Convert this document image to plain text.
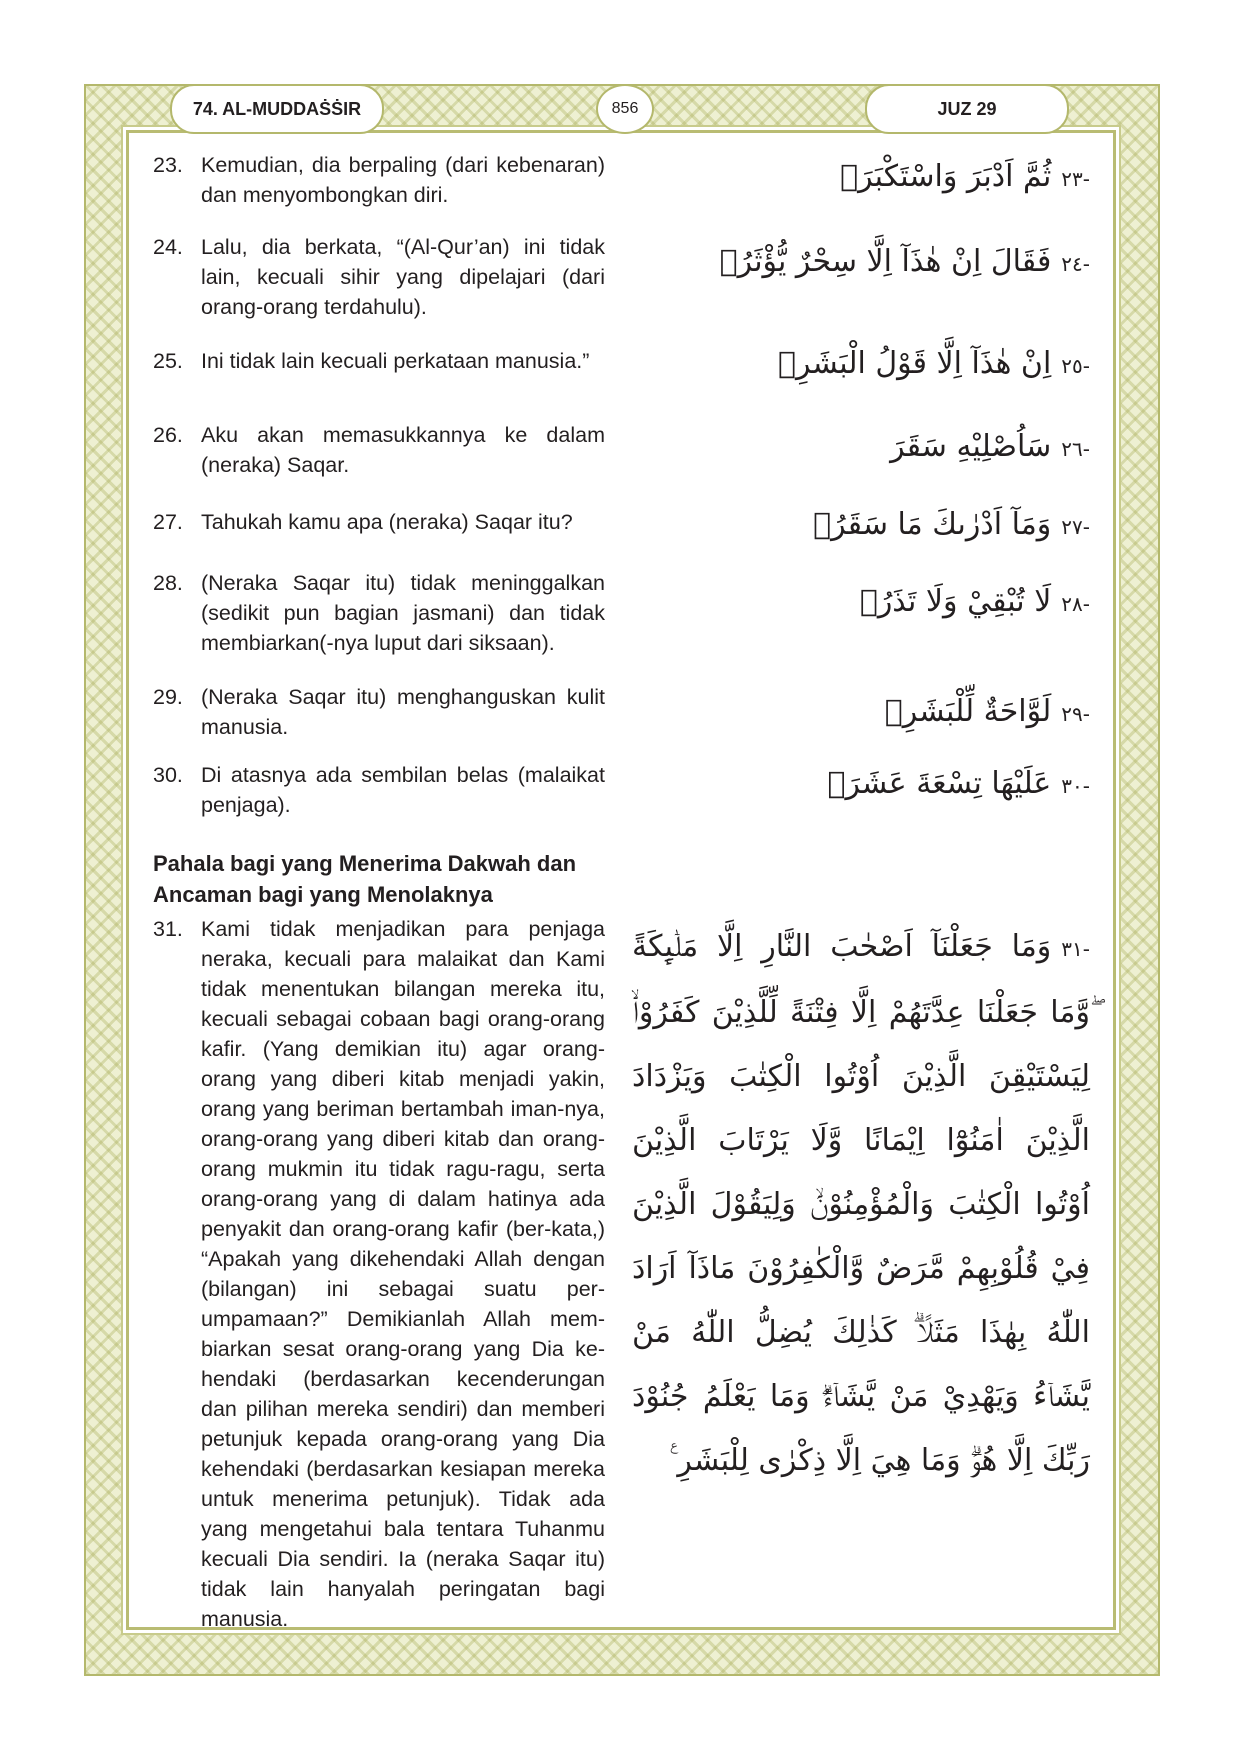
74. AL-MUDDAṠṠIR	856	JUZ 29
23. Kemudian, dia berpaling (dari kebenaran) dan menyombongkan diri.
24. Lalu, dia berkata, “(Al-Qur’an) ini tidak lain, kecuali sihir yang dipelajari (dari orang-orang terdahulu).
25. Ini tidak lain kecuali perkataan manusia.”
26. Aku akan memasukkannya ke dalam (neraka) Saqar.
27. Tahukah kamu apa (neraka) Saqar itu?
28. (Neraka Saqar itu) tidak meninggalkan (sedikit pun bagian jasmani) dan tidak membiarkan(-nya luput dari siksaan).
29. (Neraka Saqar itu) menghanguskan kulit manusia.
30. Di atasnya ada sembilan belas (malaikat penjaga).
Pahala bagi yang Menerima Dakwah dan Ancaman bagi yang Menolaknya
31. Kami tidak menjadikan para penjaga neraka, kecuali para malaikat dan Kami tidak menentukan bilangan mereka itu, kecuali sebagai cobaan bagi orang-orang kafir. (Yang demikian itu) agar orang-orang yang diberi kitab menjadi yakin, orang yang beriman bertambah iman-nya, orang-orang yang diberi kitab dan orang-orang mukmin itu tidak ragu-ragu, serta orang-orang yang di dalam hatinya ada penyakit dan orang-orang kafir (ber-kata,) “Apakah yang dikehendaki Allah dengan (bilangan) ini sebagai suatu per-umpamaan?” Demikianlah Allah mem-biarkan sesat orang-orang yang Dia ke-hendaki (berdasarkan kecenderungan dan pilihan mereka sendiri) dan memberi petunjuk kepada orang-orang yang Dia kehendaki (berdasarkan kesiapan mereka untuk menerima petunjuk). Tidak ada yang mengetahui bala tentara Tuhanmu kecuali Dia sendiri. Ia (neraka Saqar itu) tidak lain hanyalah peringatan bagi manusia.
-٢٣ثُمَّ اَدْبَرَ وَاسْتَكْبَرَۙ
-٢٤فَقَالَ اِنْ هٰذَآ اِلَّا سِحْرٌ يُّؤْثَرُۙ
-٢٥اِنْ هٰذَآ اِلَّا قَوْلُ الْبَشَرِۗ
-٢٦سَاُصْلِيْهِ سَقَرَ
-٢٧وَمَآ اَدْرٰىكَ مَا سَقَرُۗ
-٢٨لَا تُبْقِيْ وَلَا تَذَرُۚ
-٢٩لَوَّاحَةٌ لِّلْبَشَرِۚ
-٣٠عَلَيْهَا تِسْعَةَ عَشَرَۗ
-٣١وَمَا جَعَلْنَآ اَصْحٰبَ النَّارِ اِلَّا مَلٰۤىِٕكَةً ۖوَّمَا جَعَلْنَا عِدَّتَهُمْ اِلَّا فِتْنَةً لِّلَّذِيْنَ كَفَرُوْاۙ لِيَسْتَيْقِنَ الَّذِيْنَ اُوْتُوا الْكِتٰبَ وَيَزْدَادَ الَّذِيْنَ اٰمَنُوْٓا اِيْمَانًا وَّلَا يَرْتَابَ الَّذِيْنَ اُوْتُوا الْكِتٰبَ وَالْمُؤْمِنُوْنَۙ وَلِيَقُوْلَ الَّذِيْنَ فِيْ قُلُوْبِهِمْ مَّرَضٌ وَّالْكٰفِرُوْنَ مَاذَآ اَرَادَ اللّٰهُ بِهٰذَا مَثَلًاۗ كَذٰلِكَ يُضِلُّ اللّٰهُ مَنْ يَّشَاۤءُ وَيَهْدِيْ مَنْ يَّشَاۤءُۗ وَمَا يَعْلَمُ جُنُوْدَ رَبِّكَ اِلَّا هُوَۗ وَمَا هِيَ اِلَّا ذِكْرٰى لِلْبَشَرِ ࣖ
